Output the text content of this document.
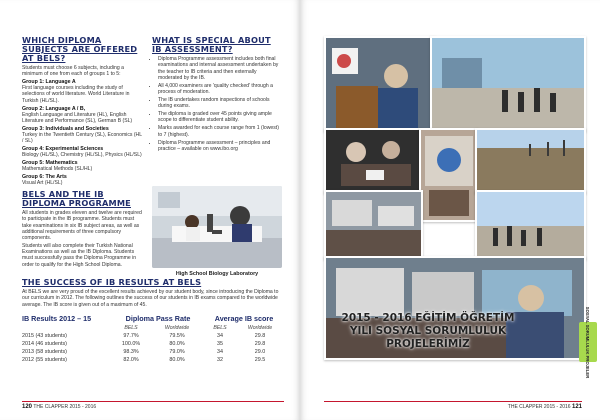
WHICH DIPLOMA SUBJECTS ARE OFFERED AT BELS?
Students must choose 6 subjects, including a minimum of one from each of groups 1 to 5:
Group 1: Language A
First language courses including the study of selections of world literature. World Literature in Turkish (HL/SL).
Group 2: Language A / B,
English Language and Literature (HL), English Literature and Performance (SL), German B (SL)
Group 3: Individuals and Societies
Turkey in the Twentieth Century (SL), Economics (HL / SL)
Group 4: Experimental Sciences
Biology (HL/SL), Chemistry (HL/SL), Physics (HL/SL)
Group 5: Mathematics
Mathematical Methods (SL/HL)
Group 6: The Arts
Visual Art (HL/SL)
BELS AND THE IB DIPLOMA PROGRAMME
All students in grades eleven and twelve are required to participate in the IB programme. Students must take examinations in six IB subject areas, as well as additional requirements of three compulsory components.
Students will also complete their Turkish National Examinations as well as the IB Diploma. Students must successfully pass the Diploma Programme in order to qualify for the High School Diploma.
WHAT IS SPECIAL ABOUT IB ASSESSMENT?
• Diploma Programme assessment includes both final examinations and internal assessment undertaken by the teacher to IB criteria and then externally moderated by the IB.
• All 4,000 examiners are 'quality checked' through a process of moderation.
• The IB undertakes random inspections of schools during exams.
• The diploma is graded over 45 points giving ample scope to differentiate student ability.
• Marks awarded for each course range from 1 (lowest) to 7 (highest).
• Diploma Programme assessment – principles and practice – available on www.ibo.org
High School Biology Laboratory
THE SUCCESS OF IB RESULTS AT BELS
At BELS we are very proud of the excellent results achieved by our student body, since introducing the Diploma to our curriculum in 2012. The following outlines the success of our students in IB exams compared to the worldwide average. The IB score is given out of a maximum of 45.
IB Results 2012 – 15	Diploma Pass Rate	Average IB score
BELS	Worldwide	BELS	Worldwide
2015 (43 students)	97.7%	79.5%	34	29.8
2014 (46 students)	100.0%	80.0%	35	29.8
2013 (58 students)	98.3%	79.0%	34	29.0
2012 (55 students)	82.0%	80.0%	32	29.5
120 THE CLAPPER 2015 - 2016
2015 - 2016 EĞİTİM ÖĞRETİM
YILI SOSYAL SORUMLULUK
PROJELERİMİZ	SOSYAL SORUMLULUK PROJELER
THE CLAPPER 2015 - 2016 121
